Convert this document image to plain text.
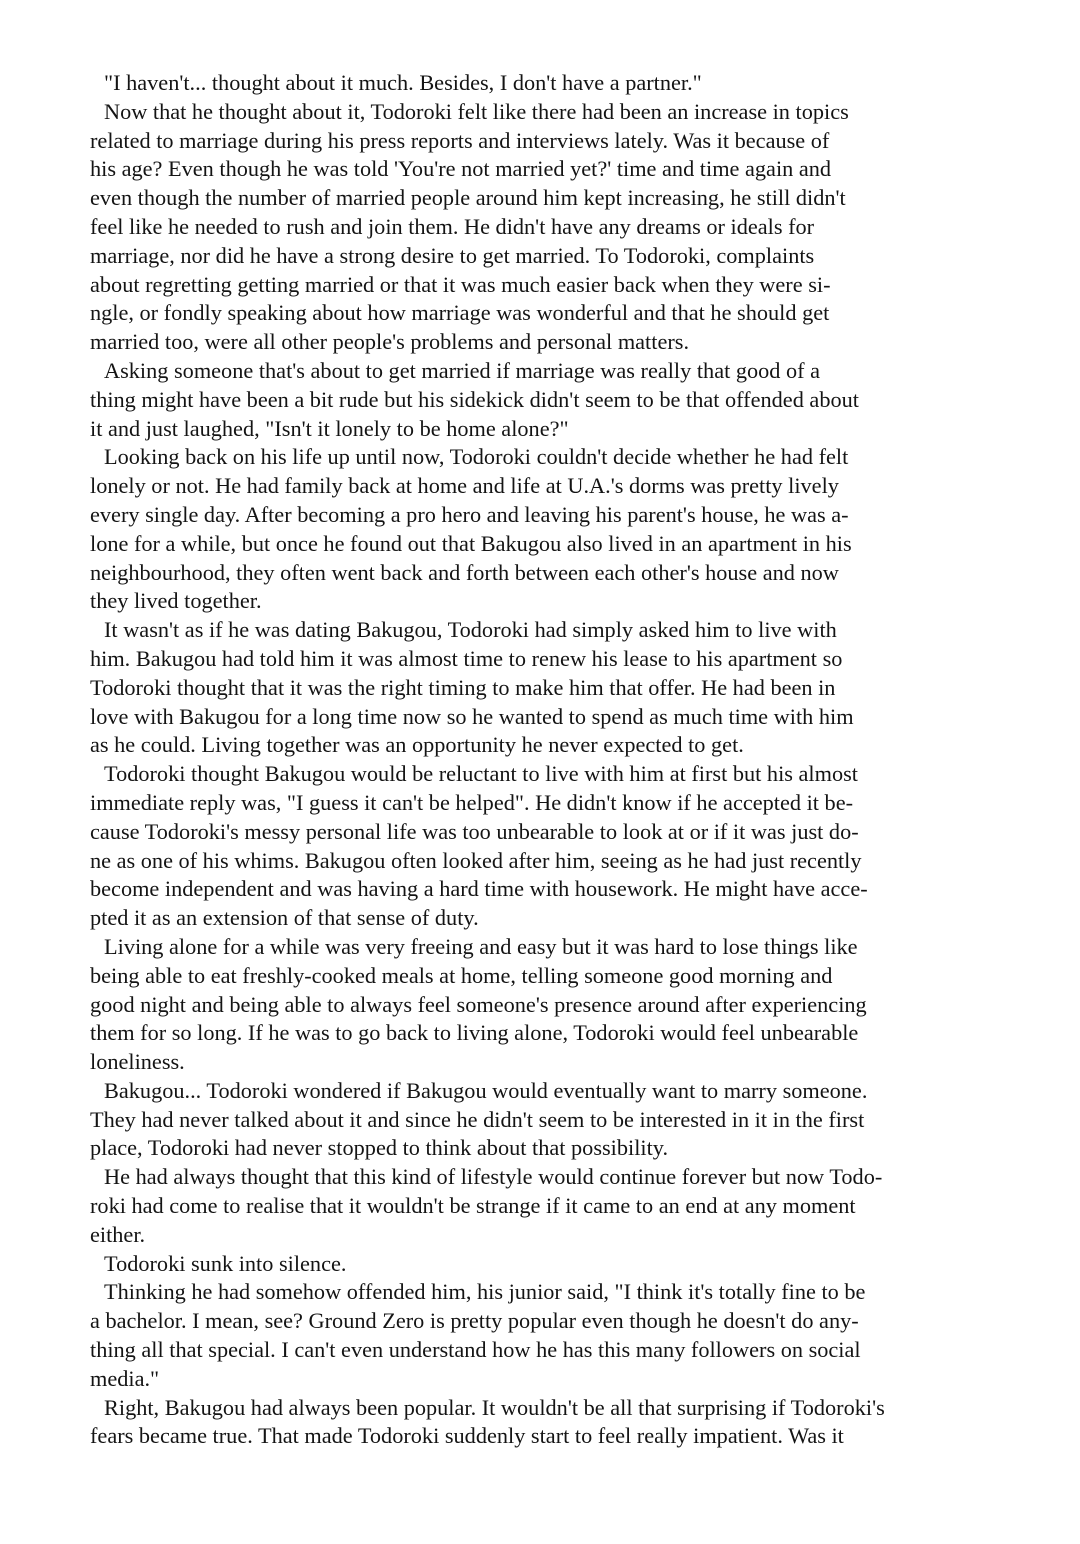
"I haven't... thought about it much. Besides, I don't have a partner."
Now that he thought about it, Todoroki felt like there had been an increase in topics
related to marriage during his press reports and interviews lately. Was it because of
his age? Even though he was told 'You're not married yet?' time and time again and
even though the number of married people around him kept increasing, he still didn't
feel like he needed to rush and join them. He didn't have any dreams or ideals for
marriage, nor did he have a strong desire to get married. To Todoroki, complaints
about regretting getting married or that it was much easier back when they were si-
ngle, or fondly speaking about how marriage was wonderful and that he should get
married too, were all other people's problems and personal matters.
Asking someone that's about to get married if marriage was really that good of a
thing might have been a bit rude but his sidekick didn't seem to be that offended about
it and just laughed, "Isn't it lonely to be home alone?"
Looking back on his life up until now, Todoroki couldn't decide whether he had felt
lonely or not. He had family back at home and life at U.A.'s dorms was pretty lively
every single day. After becoming a pro hero and leaving his parent's house, he was a-
lone for a while, but once he found out that Bakugou also lived in an apartment in his
neighbourhood, they often went back and forth between each other's house and now
they lived together.
It wasn't as if he was dating Bakugou, Todoroki had simply asked him to live with
him. Bakugou had told him it was almost time to renew his lease to his apartment so
Todoroki thought that it was the right timing to make him that offer. He had been in
love with Bakugou for a long time now so he wanted to spend as much time with him
as he could. Living together was an opportunity he never expected to get.
Todoroki thought Bakugou would be reluctant to live with him at first but his almost
immediate reply was, "I guess it can't be helped". He didn't know if he accepted it be-
cause Todoroki's messy personal life was too unbearable to look at or if it was just do-
ne as one of his whims. Bakugou often looked after him, seeing as he had just recently
become independent and was having a hard time with housework. He might have acce-
pted it as an extension of that sense of duty.
Living alone for a while was very freeing and easy but it was hard to lose things like
being able to eat freshly-cooked meals at home, telling someone good morning and
good night and being able to always feel someone's presence around after experiencing
them for so long. If he was to go back to living alone, Todoroki would feel unbearable
loneliness.
Bakugou... Todoroki wondered if Bakugou would eventually want to marry someone.
They had never talked about it and since he didn't seem to be interested in it in the first
place, Todoroki had never stopped to think about that possibility.
He had always thought that this kind of lifestyle would continue forever but now Todo-
roki had come to realise that it wouldn't be strange if it came to an end at any moment
either.
Todoroki sunk into silence.
Thinking he had somehow offended him, his junior said, "I think it's totally fine to be
a bachelor. I mean, see? Ground Zero is pretty popular even though he doesn't do any-
thing all that special. I can't even understand how he has this many followers on social
media."
Right, Bakugou had always been popular. It wouldn't be all that surprising if Todoroki's
fears became true. That made Todoroki suddenly start to feel really impatient. Was it
